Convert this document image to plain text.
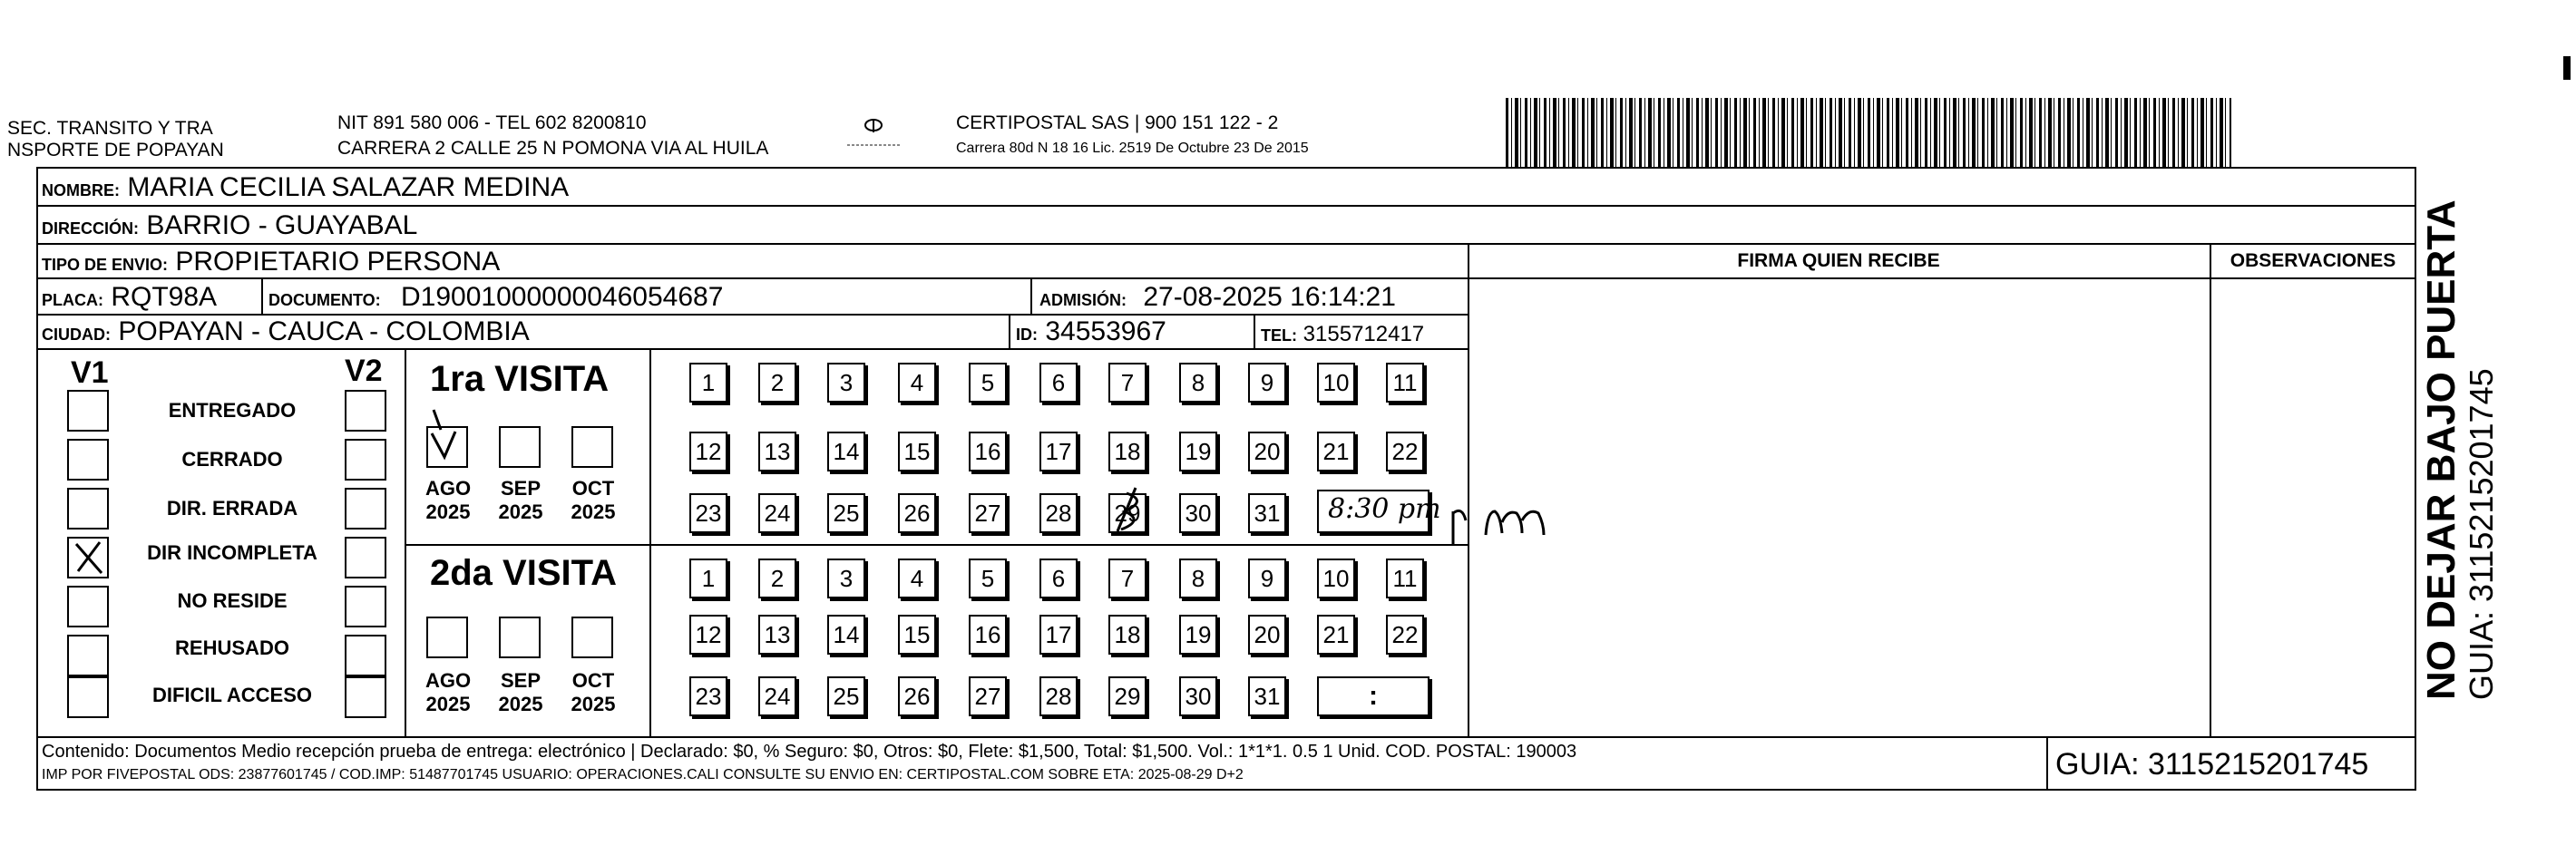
SEC. TRANSITO Y TRA
NSPORTE DE POPAYAN
NIT 891 580 006 - TEL 602 8200810
CARRERA 2 CALLE 25 N POMONA VIA AL HUILA
CERTIPOSTAL SAS | 900 151 122 - 2
Carrera 80d N 18 16 Lic. 2519 De Octubre 23 De 2015
NOMBRE: MARIA CECILIA SALAZAR MEDINA
DIRECCIÓN: BARRIO - GUAYABAL
TIPO DE ENVIO: PROPIETARIO PERSONA	FIRMA QUIEN RECIBE	OBSERVACIONES
PLACA: RQT98A	DOCUMENTO: D19001000000046054687	ADMISIÓN: 27-08-2025 16:14:21
CIUDAD: POPAYAN - CAUCA - COLOMBIA	ID: 34553967	TEL: 3155712417
V1	V2
ENTREGADO
CERRADO
DIR. ERRADA
DIR INCOMPLETA
NO RESIDE
REHUSADO
DIFICIL ACCESO
1ra VISITA
AGO
2025
SEP
2025
OCT
2025
1	2	3	4	5	6	7	8	9	10 11
12 13 14 15 16 17 18 19 20 21 22
23 24 25 26 27 28 29 30 31	8:30 pm
2da VISITA
AGO
2025
SEP
2025
OCT
2025
1	2	3	4	5	6	7	8	9	10 11
12 13 14 15 16 17 18 19 20 21 22
23 24 25 26 27 28 29 30 31	:
Contenido: Documentos Medio recepción prueba de entrega: electrónico | Declarado: $0, % Seguro: $0, Otros: $0, Flete: $1,500, Total: $1,500. Vol.: 1*1*1. 0.5 1 Unid. COD. POSTAL: 190003
IMP POR FIVEPOSTAL ODS: 23877601745 / COD.IMP: 51487701745 USUARIO: OPERACIONES.CALI CONSULTE SU ENVIO EN: CERTIPOSTAL.COM SOBRE ETA: 2025-08-29 D+2	GUIA: 3115215201745
NO DEJAR BAJO PUERTA GUIA: 3115215201745
